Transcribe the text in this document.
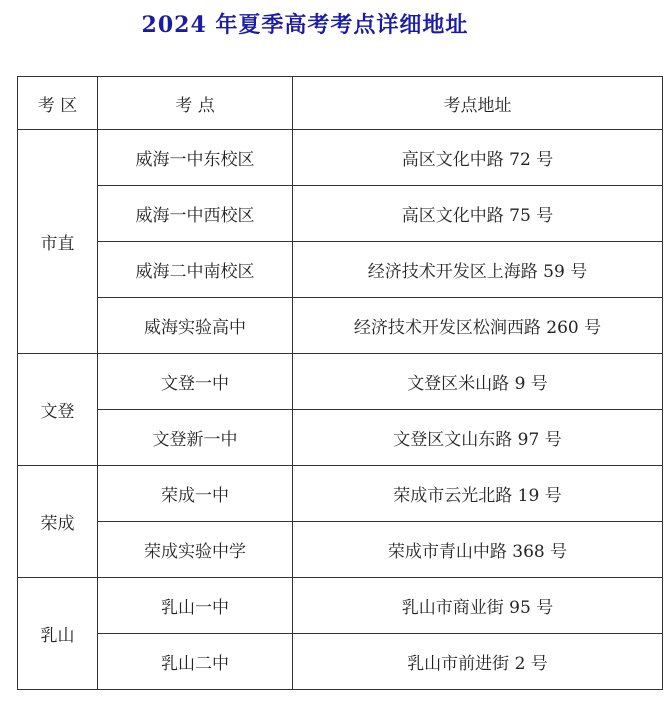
2024 年夏季高考考点详细地址
考 区	考 点	考点地址
市直	威海一中东校区	高区文化中路 72 号
	威海一中西校区	高区文化中路 75 号
	威海二中南校区	经济技术开发区上海路 59 号
	威海实验高中	经济技术开发区松涧西路 260 号
文登	文登一中	文登区米山路 9 号
	文登新一中	文登区文山东路 97 号
荣成	荣成一中	荣成市云光北路 19 号
	荣成实验中学	荣成市青山中路 368 号
乳山	乳山一中	乳山市商业街 95 号
	乳山二中	乳山市前进街 2 号
